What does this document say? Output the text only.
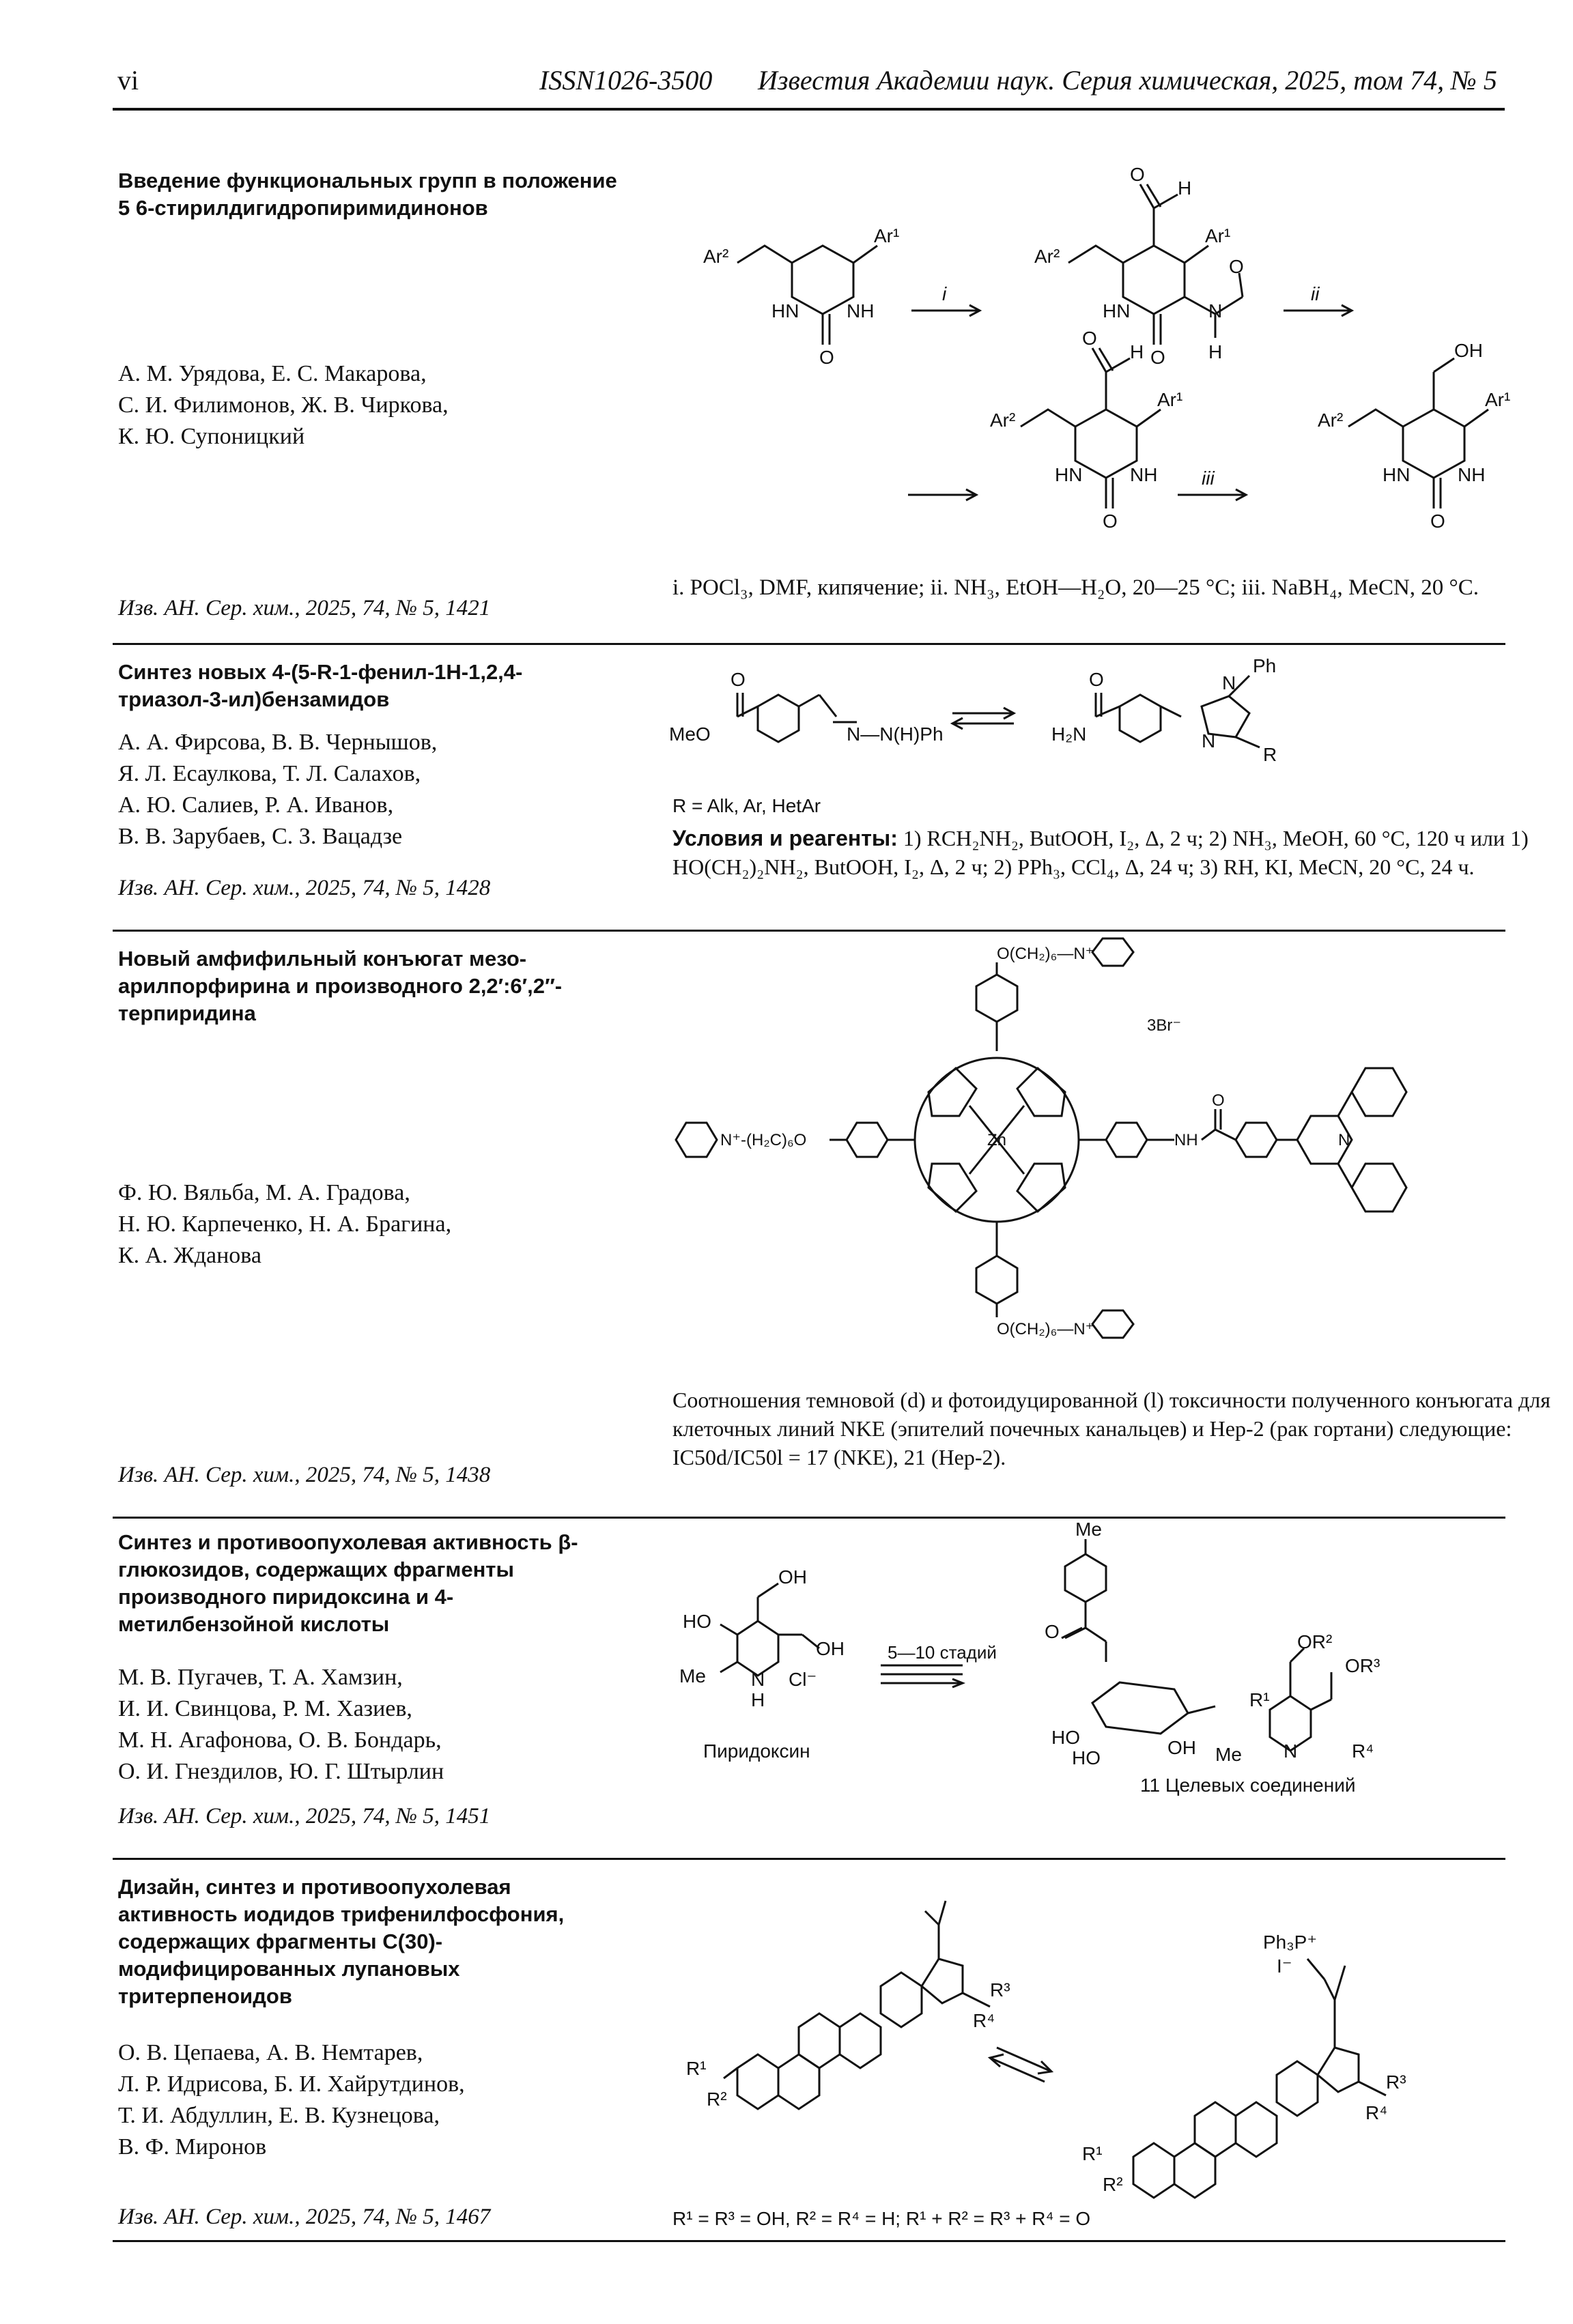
vi	ISSN1026-3500 Известия Академии наук. Серия химическая, 2025, том 74, № 5
Введение функциональных групп в положение 5 6-стирилдигидропиримидинонов
А. М. Урядова, Е. С. Макарова,
С. И. Филимонов, Ж. В. Чиркова,
К. Ю. Супоницкий
Изв. АН. Сер. хим., 2025, 74, № 5, 1421
Ar²
Ar¹
HN NH
O
i
Ar²
Ar¹
HN	N
O
O
H
O
H
ii
Ar²
Ar¹
HN NH
O
O
H
iii
Ar²
Ar¹
HN NH
O
OH
i. POCl₃, DMF, кипячение; ii. NH₃, EtOH—H₂O, 20—25 °C; iii. NaBH₄, MeCN, 20 °C.
Синтез новых 4-(5-R-1-фенил-1H-1,2,4-триазол-3-ил)бензамидов
А. А. Фирсова, В. В. Чернышов,
Я. Л. Есаулкова, Т. Л. Салахов,
А. Ю. Салиев, Р. А. Иванов,
В. В. Зарубаев, С. З. Вацадзе
Изв. АН. Сер. хим., 2025, 74, № 5, 1428
MeO
O
N—N(H)Ph	H₂N
O	N
Ph
N
R
R = Alk, Ar, HetAr
Условия и реагенты: 1) RCH₂NH₂, ButOOH, I₂, Δ, 2 ч; 2) NH₃, MeOH, 60 °C, 120 ч или 1) HO(CH₂)₂NH₂, ButOOH, I₂, Δ, 2 ч; 2) PPh₃, CCl₄, Δ, 24 ч; 3) RH, KI, MeCN, 20 °C, 24 ч.
Новый амфифильный конъюгат мезо-арилпорфирина и производного 2,2′:6′,2″-терпиридина
Ф. Ю. Вяльба, М. А. Градова,
Н. Ю. Карпеченко, Н. А. Брагина,
К. А. Жданова
Изв. АН. Сер. хим., 2025, 74, № 5, 1438
O(CH₂)₆—N⁺
O(CH₂)₆—N⁺
N⁺-(H₂C)₆O
3Br⁻
Zn	NH
O
N
Соотношения темновой (d) и фотоидуцированной (l) токсичности полученного конъюгата для клеточных линий NKE (эпителий почечных канальцев) и Hep-2 (рак гортани) следующие: IC50d/IC50l = 17 (NKE), 21 (Hep-2).
Синтез и противоопухолевая активность β-глюкозидов, содержащих фрагменты производного пиридоксина и 4-метилбензойной кислоты
М. В. Пугачев, Т. А. Хамзин,
И. И. Свинцова, Р. М. Хазиев,
М. Н. Агафонова, О. В. Бондарь,
О. И. Гнездилов, Ю. Г. Штырлин
Изв. АН. Сер. хим., 2025, 74, № 5, 1451
HO
OH
OH
Me N Cl⁻
H
5—10 стадий
Пиридоксин
Me
O	OR²
OR³
R¹
R⁴
N
Me
HO
HO	OH
11 Целевых соединений
Дизайн, синтез и противоопухолевая активность иодидов трифенилфосфония, содержащих фрагменты C(30)-модифицированных лупановых тритерпеноидов
О. В. Цепаева, А. В. Немтарев,
Л. Р. Идрисова, Б. И. Хайрутдинов,
Т. И. Абдуллин, Е. В. Кузнецова,
В. Ф. Миронов
Изв. АН. Сер. хим., 2025, 74, № 5, 1467
R¹
R²
R³
R⁴
Ph₃P⁺
I⁻
R³
R⁴
R¹
R²
R¹ = R³ = OH, R² = R⁴ = H; R¹ + R² = R³ + R⁴ = O
